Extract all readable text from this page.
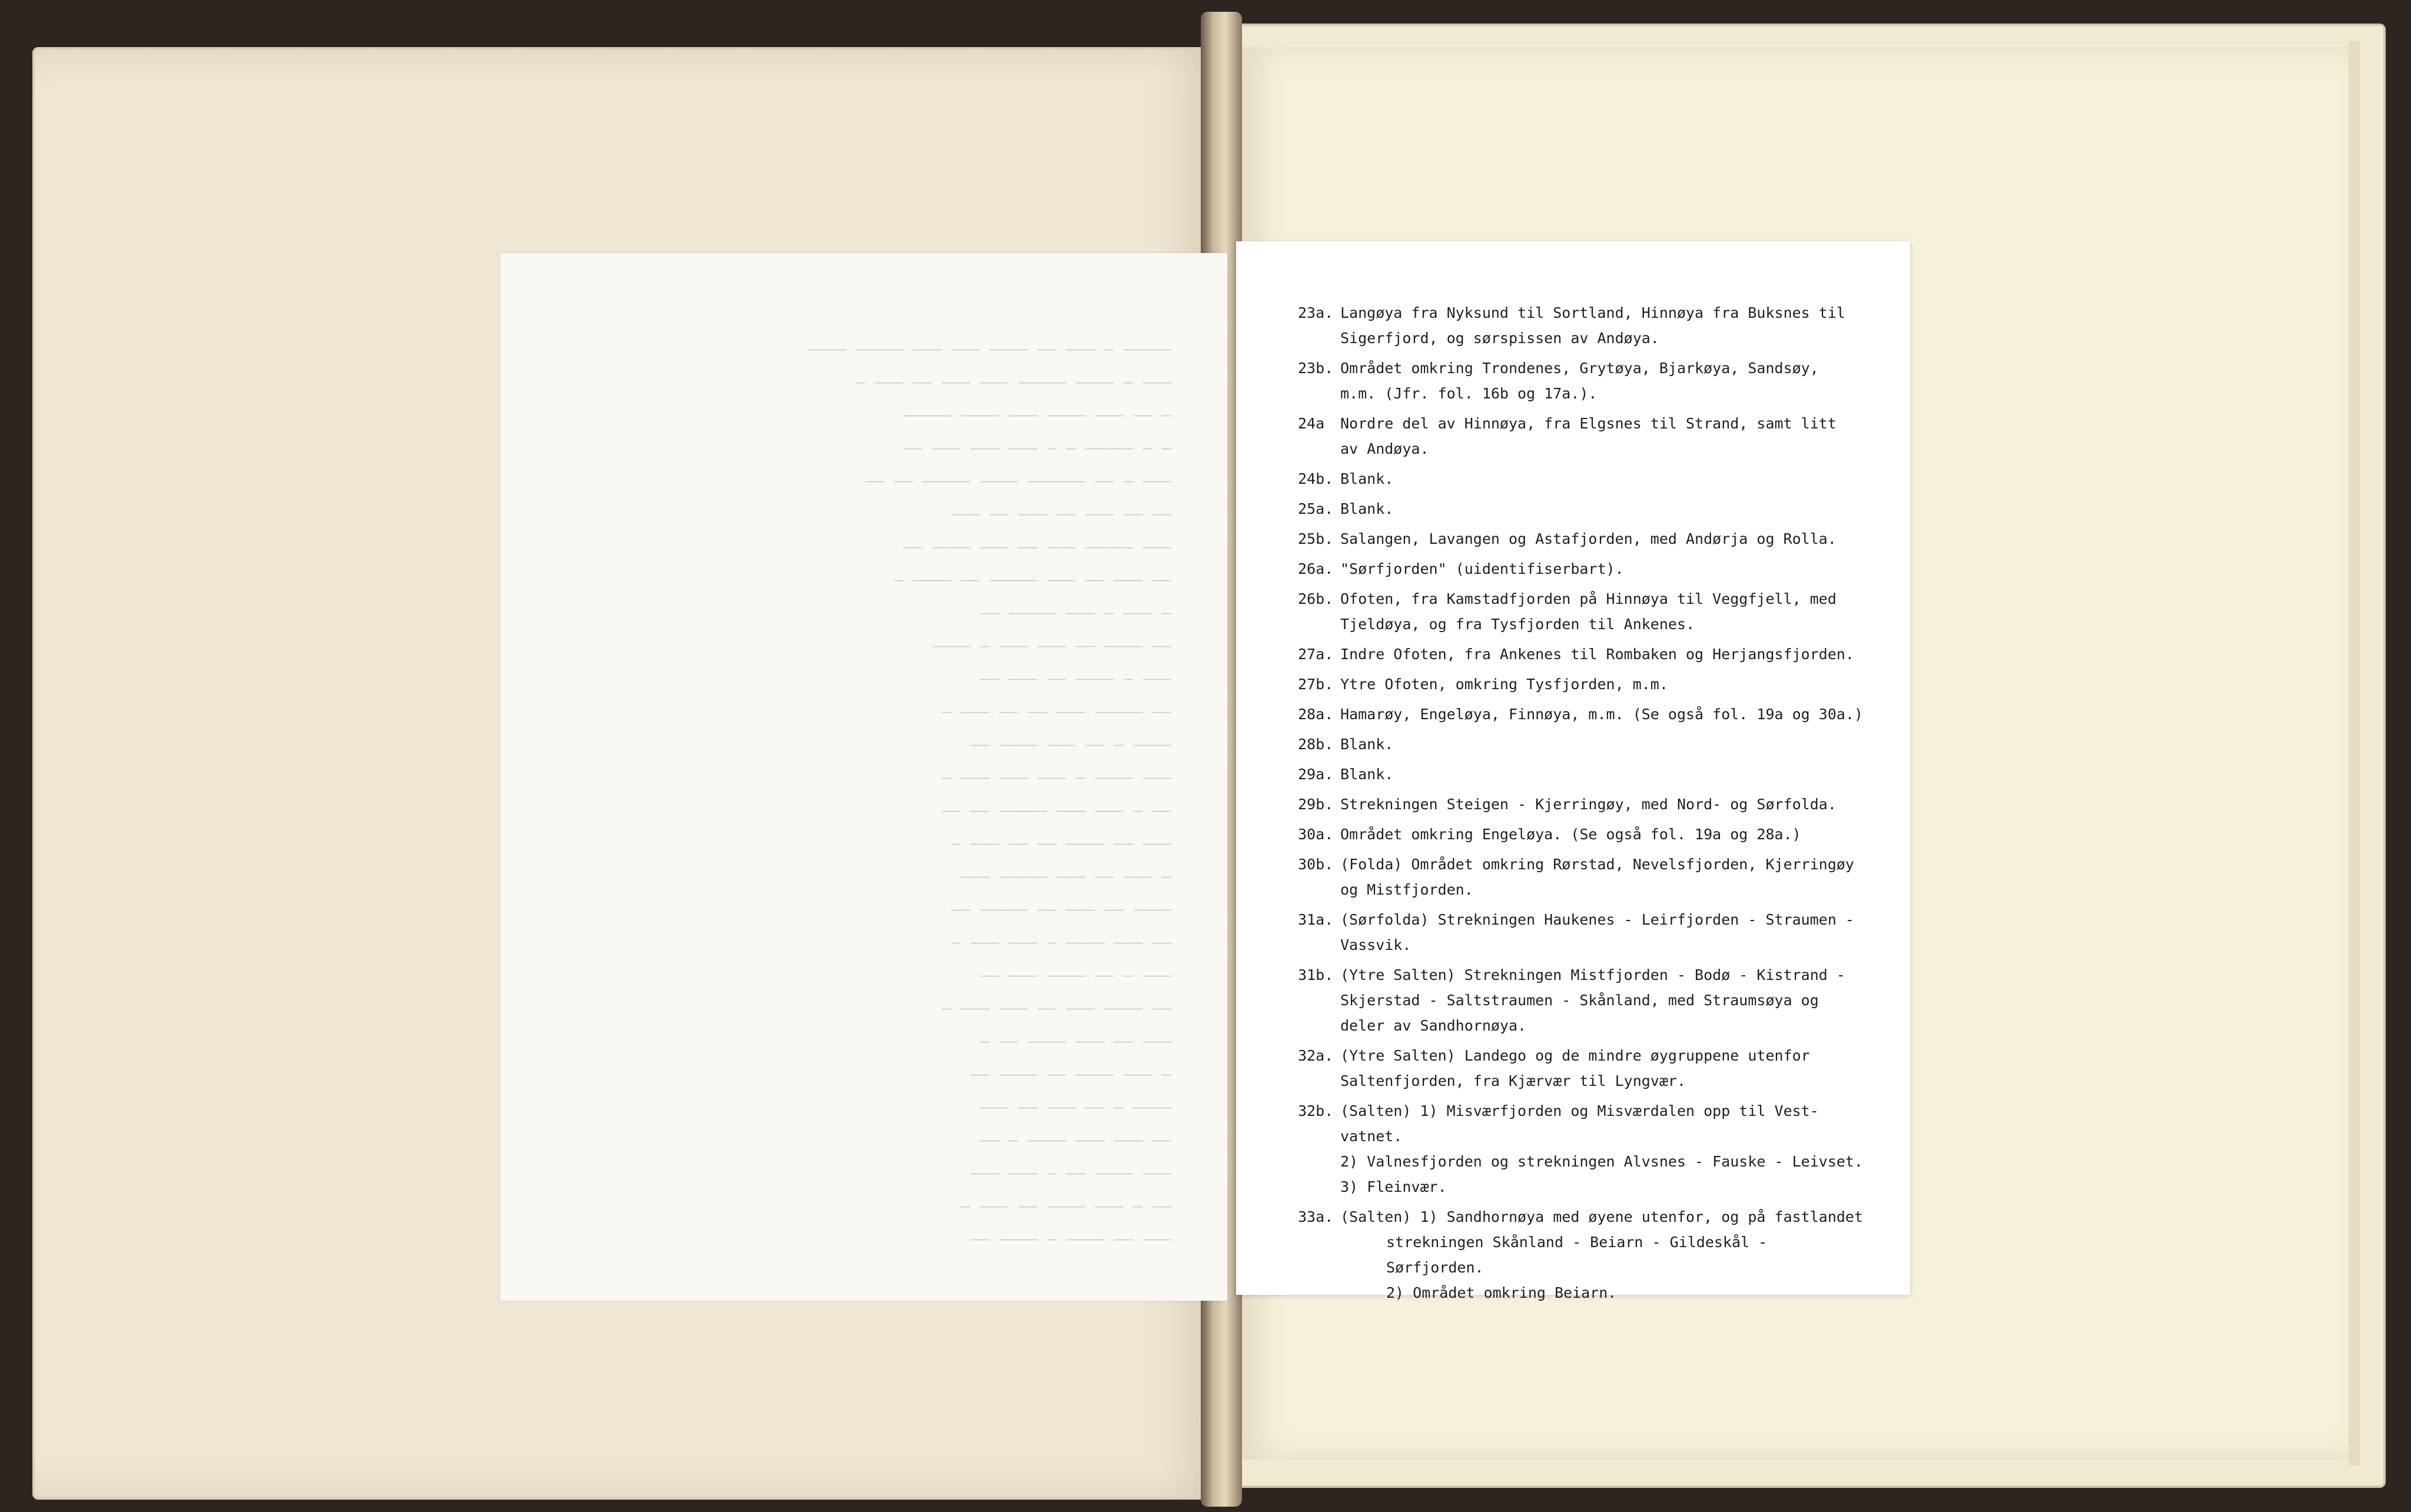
————— — ——— —— ———— ——— ——— ————— ————
——— — ———— ————— ——— ——— —— ——— —
— —— ——— ———— ——— ———— —————
— — ————— — — ——— ——— ——— ——
——— — —— —————— ———— ————— —— ——
—— —— ——— —— ——— —— ———
——— ————— ——— —— ——— ———— ——
—— ——— —— ——— ————— —— ———— —
— ——— — ——— ————— ——
—— ———— —— ——— ——— — ————
——— — ———— —— ——— ——
—— ————— ——— —— —— ——— —
———— — —— ——— ———— ——
——— ———— — ——— ——— ——— —
—— — ——— ——— ————— —— ——
——— —— ———— —— —— ——— —
— ——— —— ——— ————— ———
———— —— ——— —— ————— ——
—— ——— ———— — ——— ——— —
——— — —— ———— ——— ——
—— ———— ——— —— ——— ——— —
——— —— ——— ———— —— —
— ——— ———— —— ———— ——
———— — —— ——— —— ———
—— ——— ——— ———— — ——
——— ———— —— — ——— ———
—— — ——— ———— —— ——— —
——— —— ———— — ———— ——

23a. Langøya fra Nyksund til Sortland, Hinnøya fra Buksnes til
Sigerfjord, og sørspissen av Andøya.
23b. Området omkring Trondenes, Grytøya, Bjarkøya, Sandsøy,
m.m. (Jfr. fol. 16b og 17a.).
24a Nordre del av Hinnøya, fra Elgsnes til Strand, samt litt
av Andøya.
24b. Blank.
25a. Blank.
25b. Salangen, Lavangen og Astafjorden, med Andørja og Rolla.
26a. "Sørfjorden" (uidentifiserbart).
26b. Ofoten, fra Kamstadfjorden på Hinnøya til Veggfjell, med
Tjeldøya, og fra Tysfjorden til Ankenes.
27a. Indre Ofoten, fra Ankenes til Rombaken og Herjangsfjorden.
27b. Ytre Ofoten, omkring Tysfjorden, m.m.
28a. Hamarøy, Engeløya, Finnøya, m.m. (Se også fol. 19a og 30a.)
28b. Blank.
29a. Blank.
29b. Strekningen Steigen - Kjerringøy, med Nord- og Sørfolda.
30a. Området omkring Engeløya. (Se også fol. 19a og 28a.)
30b. (Folda) Området omkring Rørstad, Nevelsfjorden, Kjerringøy
og Mistfjorden.
31a. (Sørfolda) Strekningen Haukenes - Leirfjorden - Straumen -
Vassvik.
31b. (Ytre Salten) Strekningen Mistfjorden - Bodø - Kistrand -
Skjerstad - Saltstraumen - Skånland, med Straumsøya og
deler av Sandhornøya.
32a. (Ytre Salten) Landego og de mindre øygruppene utenfor
Saltenfjorden, fra Kjærvær til Lyngvær.
32b. (Salten) 1) Misværfjorden og Misværdalen opp til Vest-
vatnet.
2) Valnesfjorden og strekningen Alvsnes - Fauske - Leivset.
3) Fleinvær.
33a. (Salten) 1) Sandhornøya med øyene utenfor, og på fastlandet
strekningen Skånland - Beiarn - Gildeskål -
Sørfjorden.
2) Området omkring Beiarn.
